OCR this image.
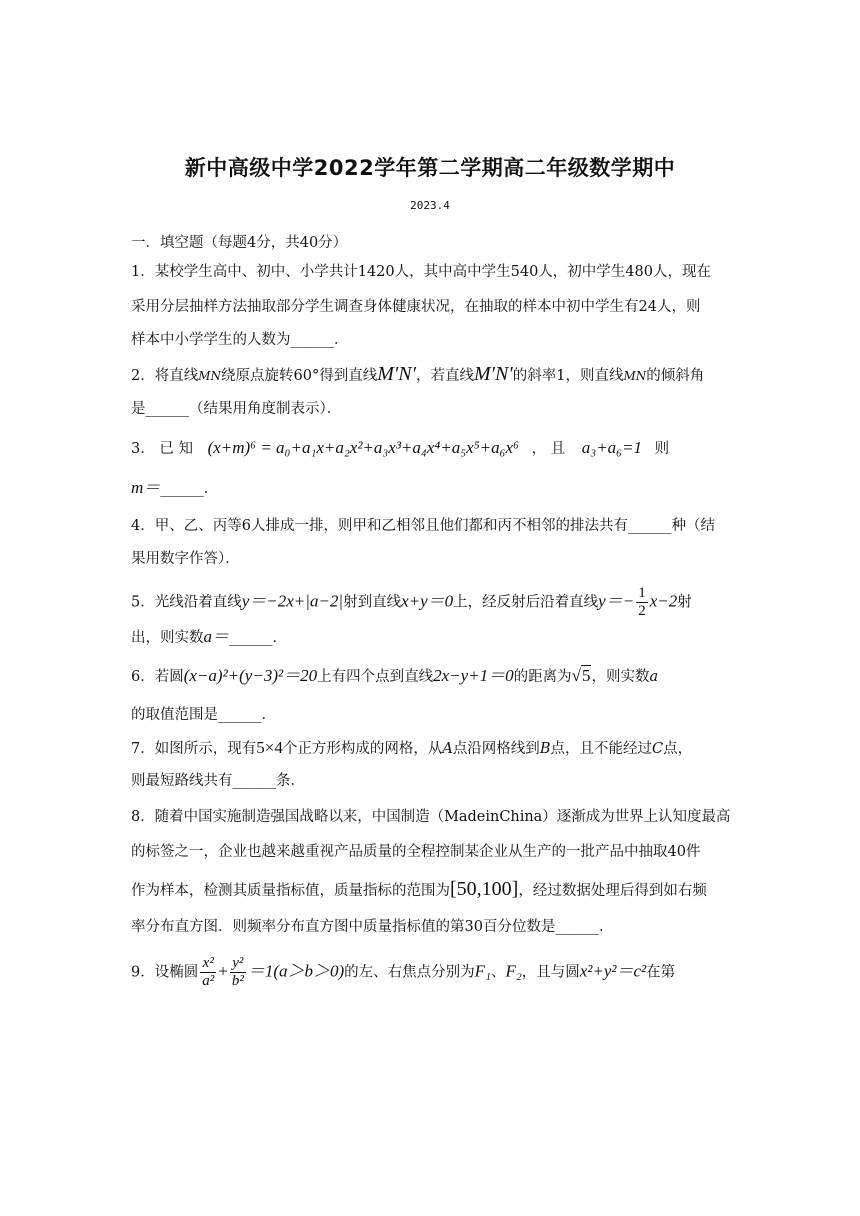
新中高级中学2022学年第二学期高二年级数学期中
2023.4
一．填空题（每题4分，共40分）
1．某校学生高中、初中、小学共计1420人，其中高中学生540人，初中学生480人，现在
采用分层抽样方法抽取部分学生调查身体健康状况，在抽取的样本中初中学生有24人，则
样本中小学学生的人数为______．
2．将直线MN绕原点旋转60°得到直线M′N′，若直线M′N′的斜率1，则直线MN的倾斜角
是______（结果用角度制表示）．
3． 已 知 (x+m)⁶ = a₀+a₁x+a₂x²+a₃x³+a₄x⁴+a₅x⁵+a₆x⁶ ， 且 a₃+a₆=1 则
m＝______．
4．甲、乙、丙等6人排成一排，则甲和乙相邻且他们都和丙不相邻的排法共有______种（结
果用数字作答）．
5．光线沿着直线y＝−2x+|a−2|射到直线x+y＝0上，经反射后沿着直线$y=- \frac{1}{2} x-2$射
出，则实数a＝______．
6．若圆(x−a)²+(y−3)²＝20上有四个点到直线2x−y+1＝0的距离为√5，则实数a
的取值范围是______．
7．如图所示，现有5×4个正方形构成的网格，从A点沿网格线到B点，且不能经过C点，
则最短路线共有______条．
8．随着中国实施制造强国战略以来，中国制造（MadeinChina）逐渐成为世界上认知度最高
的标签之一，企业也越来越重视产品质量的全程控制某企业从生产的一批产品中抽取40件
作为样本，检测其质量指标值，质量指标的范围为[50,100]，经过数据处理后得到如右频
率分布直方图．则频率分布直方图中质量指标值的第30百分位数是______．
9．设椭圆 $\frac{\text{x²}}{\text{a²}} + \frac{\text{y²}}{\text{b²}} =1(a>b>0)$的左、右焦点分别为F₁、F₂，且与圆x²+y²＝c²在第
